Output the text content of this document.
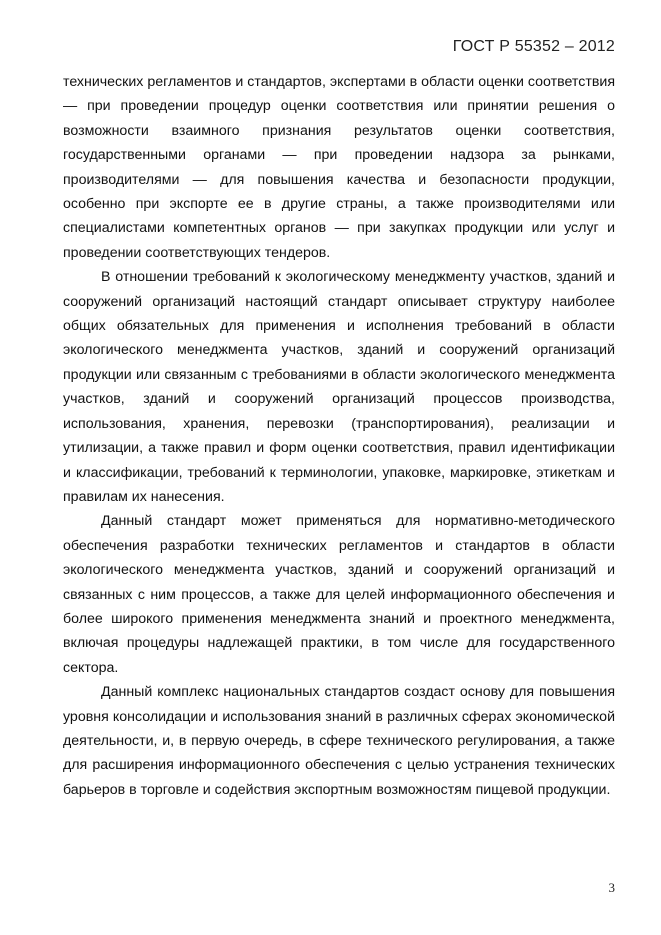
ГОСТ Р 55352 – 2012

технических регламентов и стандартов, экспертами в области оценки соответствия — при проведении процедур оценки соответствия или принятии решения о возможности взаимного признания результатов оценки соответствия, государственными органами — при проведении надзора за рынками, производителями — для повышения качества и безопасности продукции, особенно при экспорте ее в другие страны, а также производителями или специалистами компетентных органов — при закупках продукции или услуг и проведении соответствующих тендеров.

В отношении требований к экологическому менеджменту участков, зданий и сооружений организаций настоящий стандарт описывает структуру наиболее общих обязательных для применения и исполнения требований в области экологического менеджмента участков, зданий и сооружений организаций продукции или связанным с требованиями в области экологического менеджмента участков, зданий и сооружений организаций процессов производства, использования, хранения, перевозки (транспортирования), реализации и утилизации, а также правил и форм оценки соответствия, правил идентификации и классификации, требований к терминологии, упаковке, маркировке, этикеткам и правилам их нанесения.

Данный стандарт может применяться для нормативно-методического обеспечения разработки технических регламентов и стандартов в области экологического менеджмента участков, зданий и сооружений организаций и связанных с ним процессов, а также для целей информационного обеспечения и более широкого применения менеджмента знаний и проектного менеджмента, включая процедуры надлежащей практики, в том числе для государственного сектора.

Данный комплекс национальных стандартов создаст основу для повышения уровня консолидации и использования знаний в различных сферах экономической деятельности, и, в первую очередь, в сфере технического регулирования, а также для расширения информационного обеспечения с целью устранения технических барьеров в торговле и содействия экспортным возможностям пищевой продукции.

3
